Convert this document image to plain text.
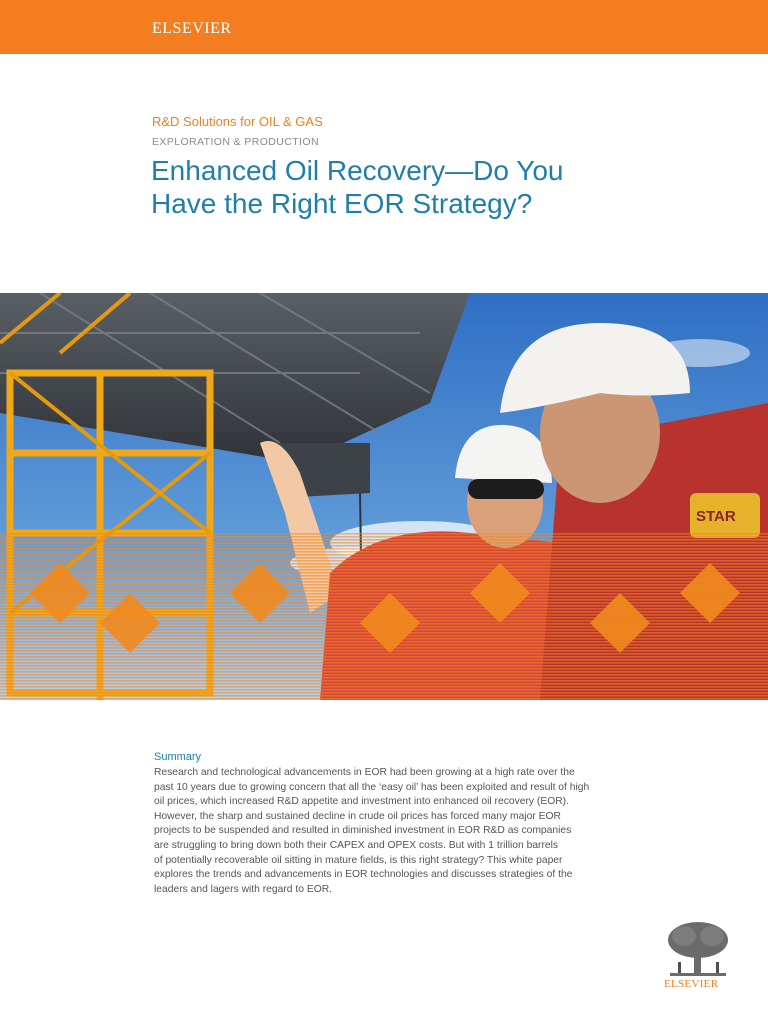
ELSEVIER
R&D Solutions for OIL & GAS
EXPLORATION & PRODUCTION
Enhanced Oil Recovery—Do You
Have the Right EOR Strategy?
STAR
Summary
Research and technological advancements in EOR had been growing at a high rate over the
past 10 years due to growing concern that all the ‘easy oil’ has been exploited and result of high
oil prices, which increased R&D appetite and investment into enhanced oil recovery (EOR).
However, the sharp and sustained decline in crude oil prices has forced many major EOR
projects to be suspended and resulted in diminished investment in EOR R&D as companies
are struggling to bring down both their CAPEX and OPEX costs. But with 1 trillion barrels
of potentially recoverable oil sitting in mature fields, is this right strategy? This white paper
explores the trends and advancements in EOR technologies and discusses strategies of the
leaders and lagers with regard to EOR.
ELSEVIER
